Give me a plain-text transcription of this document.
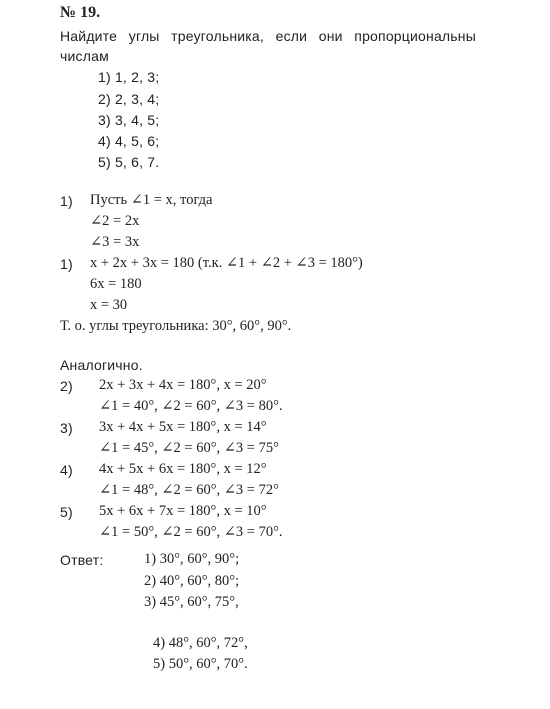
№ 19.
Найдите углы треугольника, если они пропорциональны
числам
1) 1, 2, 3;
2) 2, 3, 4;
3) 3, 4, 5;
4) 4, 5, 6;
5) 5, 6, 7.
1) Пусть ∠1 = x, тогда
∠2 = 2x
∠3 = 3x
1) x + 2x + 3x = 180 (т.к. ∠1 + ∠2 + ∠3 = 180°)
6x = 180
x = 30
Т. о. углы треугольника: 30°, 60°, 90°.
Аналогично.
2) 2x + 3x + 4x = 180°, x = 20°
∠1 = 40°, ∠2 = 60°, ∠3 = 80°.
3) 3x + 4x + 5x = 180°, x = 14°
∠1 = 45°, ∠2 = 60°, ∠3 = 75°
4) 4x + 5x + 6x = 180°, x = 12°
∠1 = 48°, ∠2 = 60°, ∠3 = 72°
5) 5x + 6x + 7x = 180°, x = 10°
∠1 = 50°, ∠2 = 60°, ∠3 = 70°.
Ответ:	1) 30°, 60°, 90°;
2) 40°, 60°, 80°;
3) 45°, 60°, 75°,
4) 48°, 60°, 72°,
5) 50°, 60°, 70°.
